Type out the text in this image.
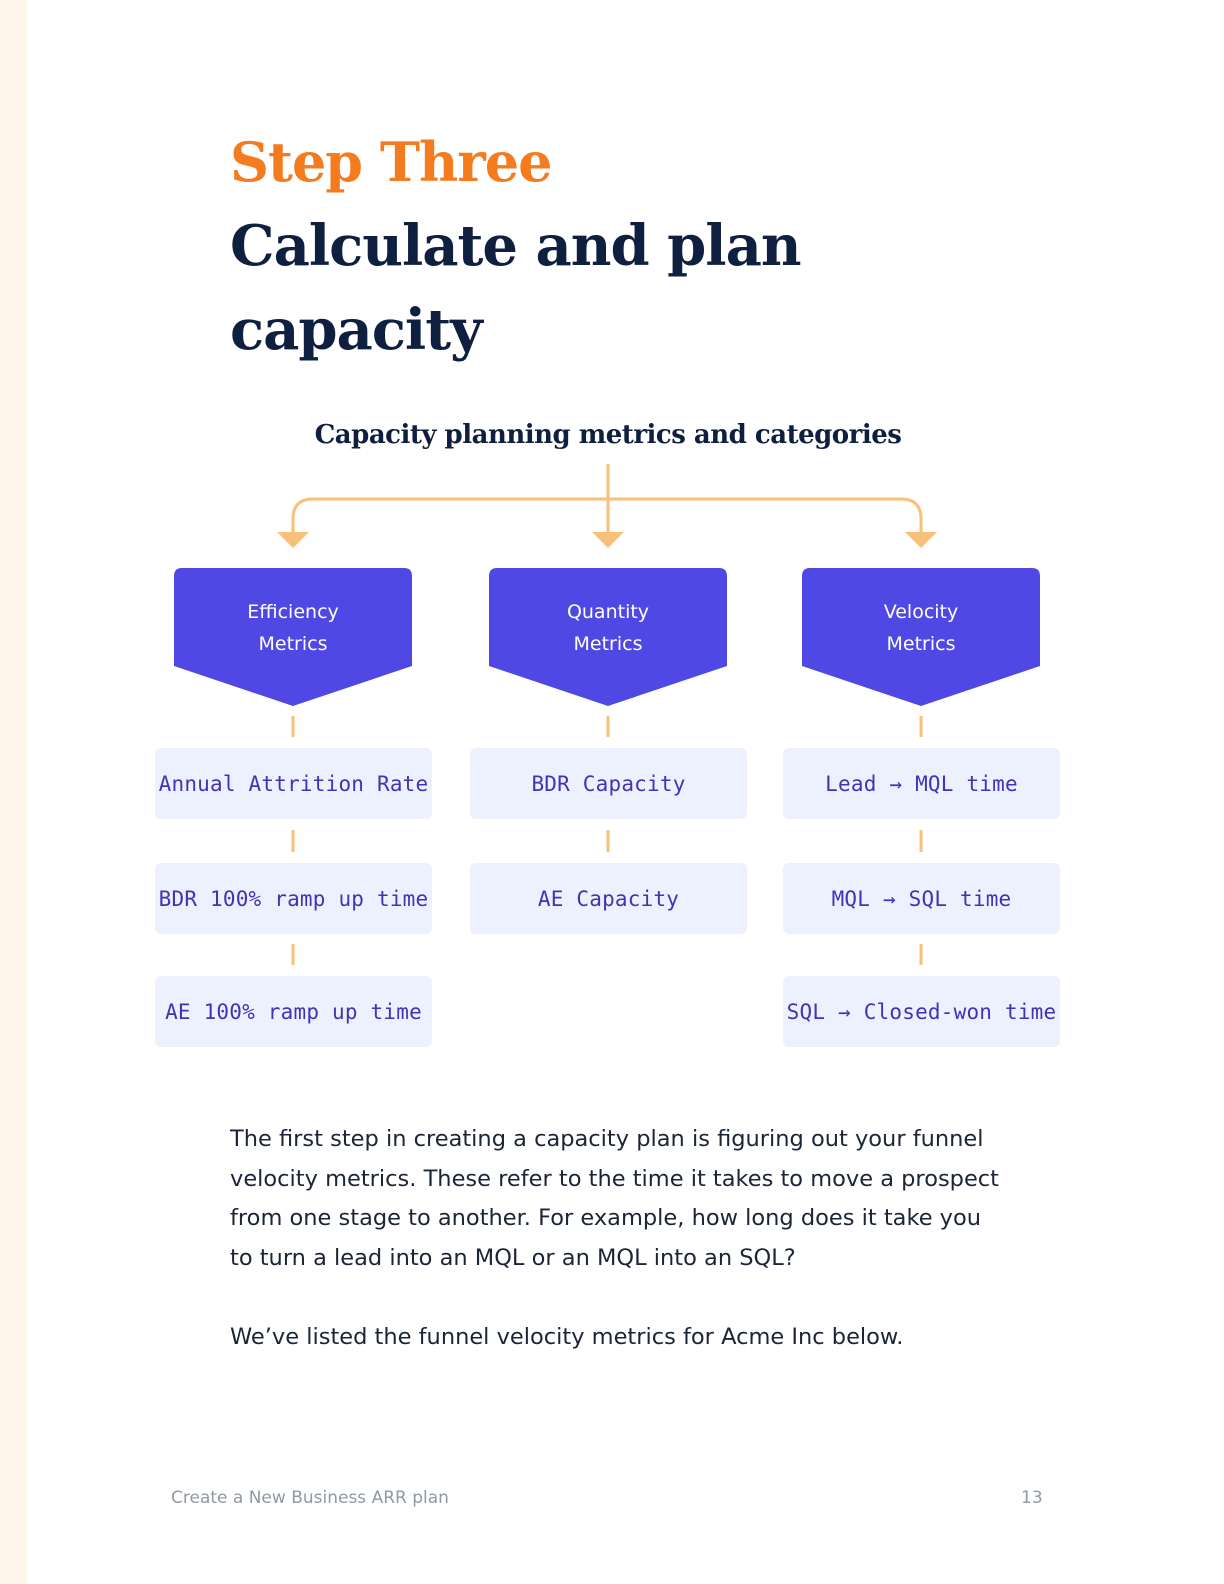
Step Three
Calculate and plan capacity
Capacity planning metrics and categories
Efficiency
Metrics
Quantity
Metrics
Velocity
Metrics
Annual Attrition Rate
BDR 100% ramp up time
AE 100% ramp up time
BDR Capacity
AE Capacity
Lead → MQL time
MQL → SQL time
SQL → Closed-won time

The first step in creating a capacity plan is figuring out your funnel velocity metrics. These refer to the time it takes to move a prospect from one stage to another. For example, how long does it take you to turn a lead into an MQL or an MQL into an SQL?

We’ve listed the funnel velocity metrics for Acme Inc below.

Create a New Business ARR plan	13
